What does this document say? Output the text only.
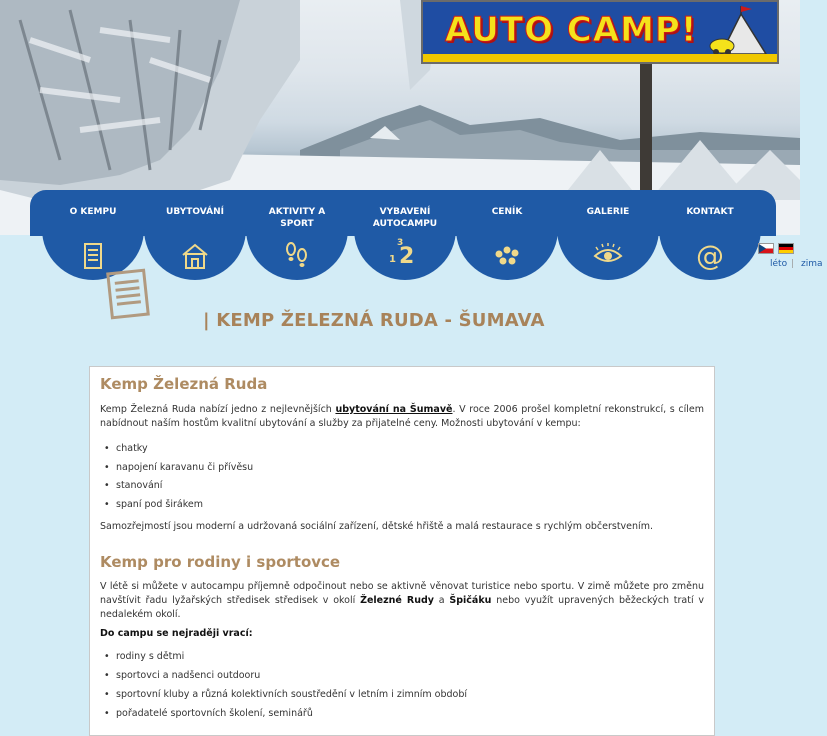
AUTO CAMP!
O KEMPU	UBYTOVÁNÍ	AKTIVITY A SPORT
VYBAVENÍ AUTOCAMPU
3
1 2
CENÍK	GALERIE	KONTAKT
@	léto | zima
| KEMP ŽELEZNÁ RUDA - ŠUMAVA
Kemp Železná Ruda
Kemp Železná Ruda nabízí jedno z nejlevnějších ubytování na Šumavě. V roce 2006 prošel kompletní rekonstrukcí, s cílem nabídnout naším hostům kvalitní ubytování a služby za přijatelné ceny. Možnosti ubytování v kempu:
• chatky
• napojení karavanu či přívěsu
• stanování
• spaní pod širákem
Samozřejmostí jsou moderní a udržovaná sociální zařízení, dětské hřiště a malá restaurace s rychlým občerstvením.
Kemp pro rodiny i sportovce
V létě si můžete v autocampu příjemně odpočinout nebo se aktivně věnovat turistice nebo sportu. V zimě můžete pro změnu navštívit řadu lyžařských středisek středisek v okolí Železné Rudy a Špičáku nebo využít upravených běžeckých tratí v nedalekém okolí.
Do campu se nejraději vrací:
• rodiny s dětmi
• sportovci a nadšenci outdooru
• sportovní kluby a různá kolektivních soustředění v letním i zimním období
• pořadatelé sportovních školení, seminářů
